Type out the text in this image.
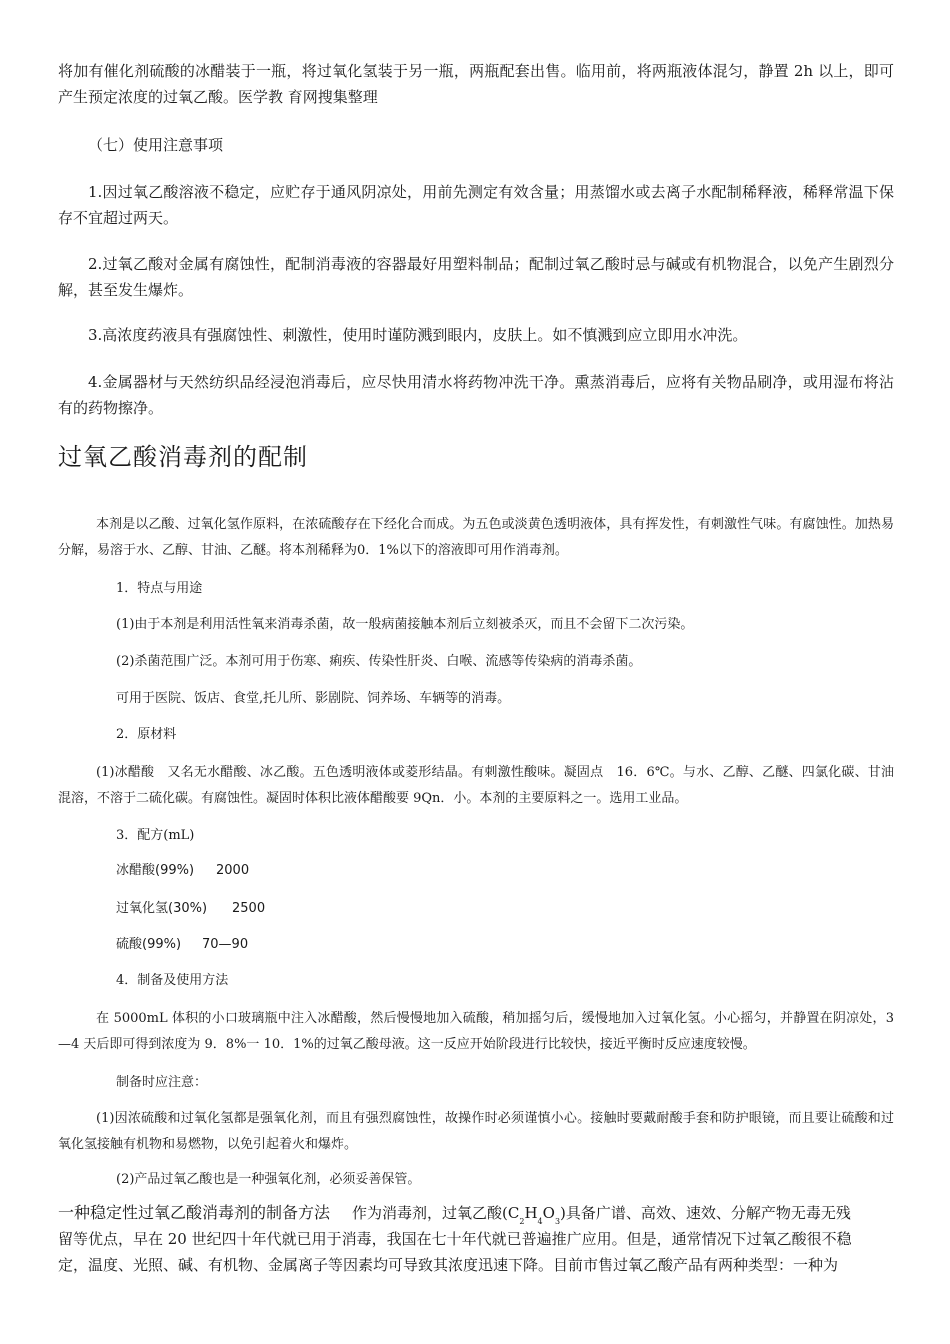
将加有催化剂硫酸的冰醋装于一瓶，将过氧化氢装于另一瓶，两瓶配套出售。临用前，将两瓶液体混匀，静置 2h 以上，即可产生预定浓度的过氧乙酸。医学教 育网搜集整理

（七）使用注意事项

1.因过氧乙酸溶液不稳定，应贮存于通风阴凉处，用前先测定有效含量；用蒸馏水或去离子水配制稀释液，稀释常温下保存不宜超过两天。

2.过氧乙酸对金属有腐蚀性，配制消毒液的容器最好用塑料制品；配制过氧乙酸时忌与碱或有机物混合，以免产生剧烈分解，甚至发生爆炸。

3.高浓度药液具有强腐蚀性、刺激性，使用时谨防溅到眼内，皮肤上。如不慎溅到应立即用水冲洗。

4.金属器材与天然纺织品经浸泡消毒后，应尽快用清水将药物冲洗干净。熏蒸消毒后，应将有关物品刷净，或用湿布将沾有的药物擦净。

过氧乙酸消毒剂的配制

本剂是以乙酸、过氧化氢作原料，在浓硫酸存在下经化合而成。为五色或淡黄色透明液体，具有挥发性，有刺激性气味。有腐蚀性。加热易分解，易溶于水、乙醇、甘油、乙醚。将本剂稀释为0．1%以下的溶液即可用作消毒剂。

1．特点与用途

(1)由于本剂是利用活性氧来消毒杀菌，故一般病菌接触本剂后立刻被杀灭，而且不会留下二次污染。

(2)杀菌范围广泛。本剂可用于伤寒、痢疾、传染性肝炎、白喉、流感等传染病的消毒杀菌。

可用于医院、饭店、食堂,托儿所、影剧院、饲养场、车辆等的消毒。

2．原材料

(1)冰醋酸　又名无水醋酸、冰乙酸。五色透明液体或菱形结晶。有刺激性酸味。凝固点　16．6℃。与水、乙醇、乙醚、四氯化碳、甘油混溶，不溶于二硫化碳。有腐蚀性。凝固时体积比液体醋酸要 9Qn．小。本剂的主要原料之一。选用工业品。

3．配方(mL)

冰醋酸(99%) 2000
过氧化氢(30%) 2500
硫酸(99%) 70—90

4．制备及使用方法

在 5000mL 体积的小口玻璃瓶中注入冰醋酸，然后慢慢地加入硫酸，稍加摇匀后，缓慢地加入过氧化氢。小心摇匀，并静置在阴凉处，3—4 天后即可得到浓度为 9．8%一 10．1%的过氧乙酸母液。这一反应开始阶段进行比较快，接近平衡时反应速度较慢。

制备时应注意：

(1)因浓硫酸和过氧化氢都是强氧化剂，而且有强烈腐蚀性，故操作时必须谨慎小心。接触时要戴耐酸手套和防护眼镜，而且要让硫酸和过氧化氢接触有机物和易燃物，以免引起着火和爆炸。

(2)产品过氧乙酸也是一种强氧化剂，必须妥善保管。

一种稳定性过氧乙酸消毒剂的制备方法 作为消毒剂，过氧乙酸$(C_2H_4O_3)$具备广谱、高效、速效、分解产物无毒无残

留等优点，早在 20 世纪四十年代就已用于消毒，我国在七十年代就已普遍推广应用。但是，通常情况下过氧乙酸很不稳

定，温度、光照、碱、有机物、金属离子等因素均可导致其浓度迅速下降。目前市售过氧乙酸产品有两种类型：一种为
